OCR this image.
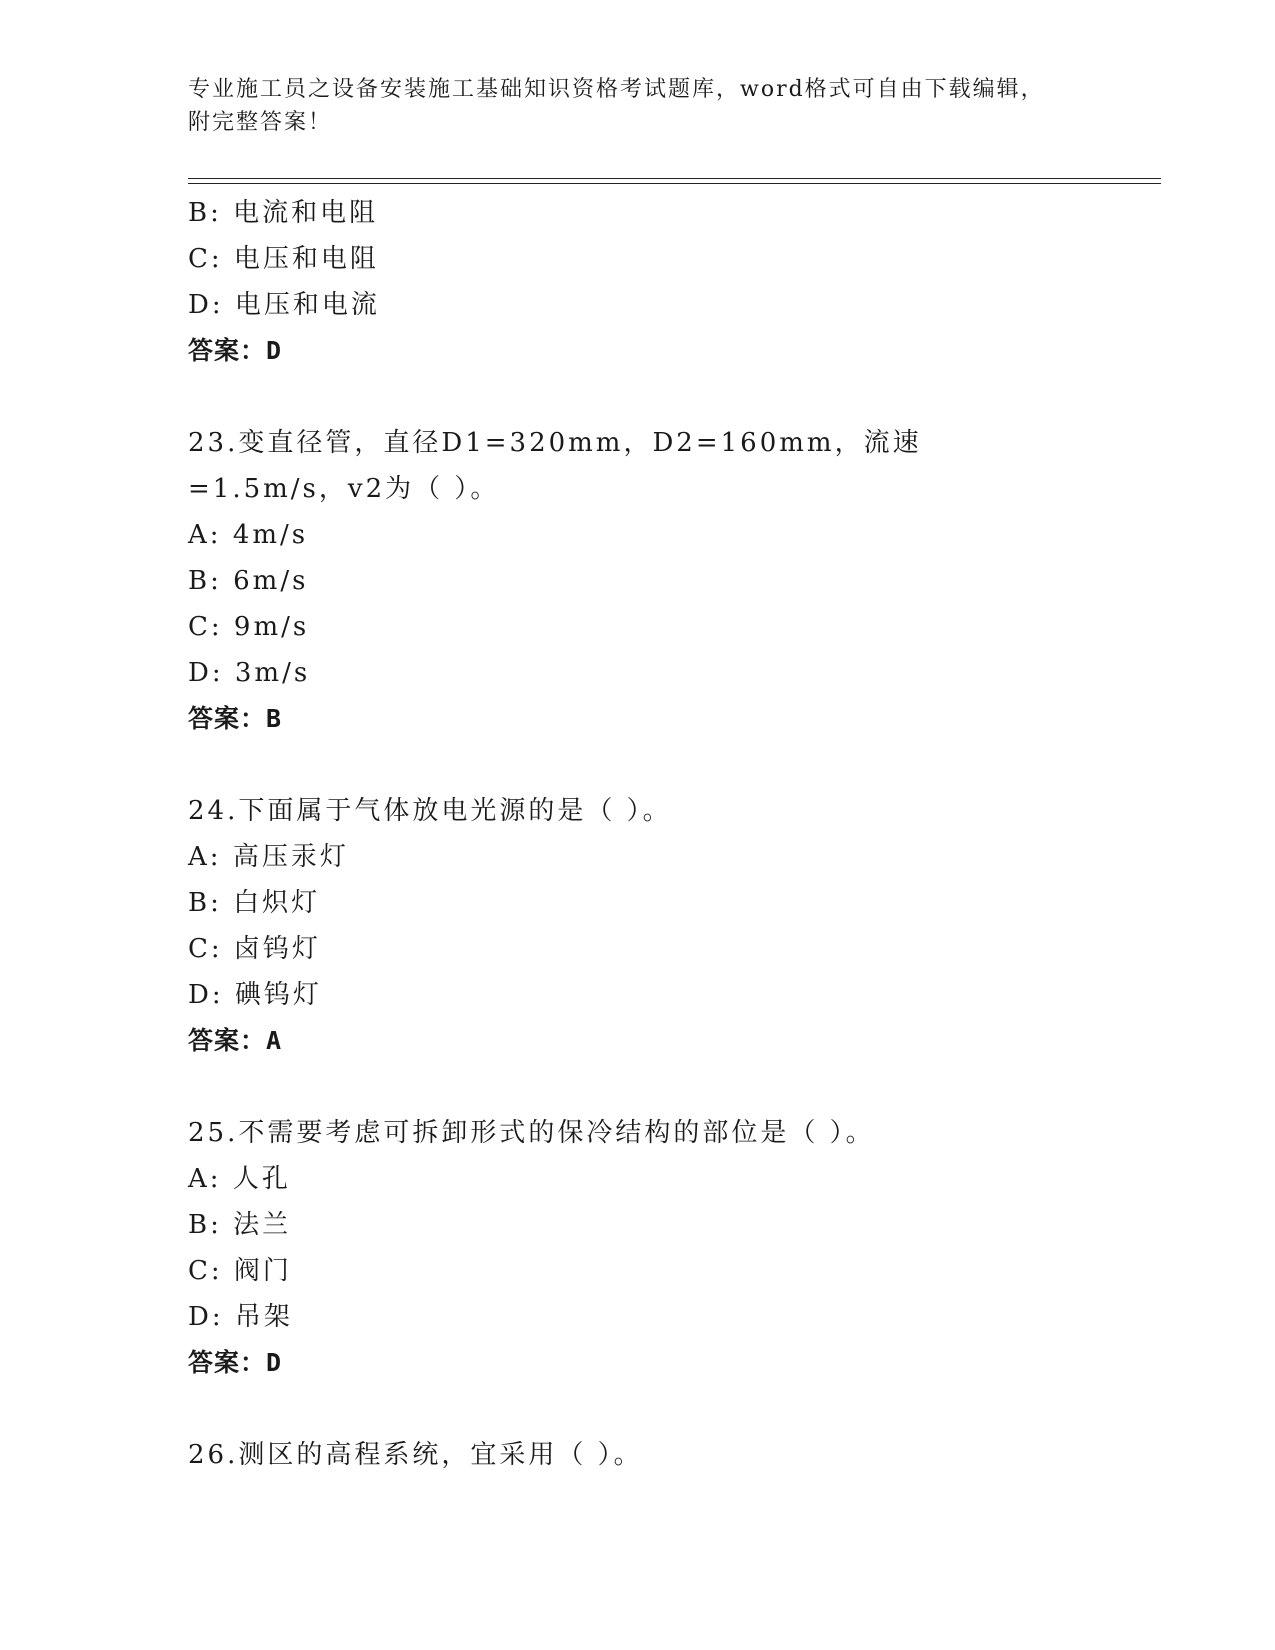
专业施工员之设备安装施工基础知识资格考试题库，word格式可自由下载编辑，附完整答案！
B: 电流和电阻
C: 电压和电阻
D: 电压和电流
答案：D
23.变直径管，直径D1=320mm，D2=160mm，流速=1.5m/s，v2为（ ）。
A: 4m/s
B: 6m/s
C: 9m/s
D: 3m/s
答案：B
24.下面属于气体放电光源的是（ ）。
A: 高压汞灯
B: 白炽灯
C: 卤钨灯
D: 碘钨灯
答案：A
25.不需要考虑可拆卸形式的保冷结构的部位是（ ）。
A: 人孔
B: 法兰
C: 阀门
D: 吊架
答案：D
26.测区的高程系统，宜采用（ ）。
